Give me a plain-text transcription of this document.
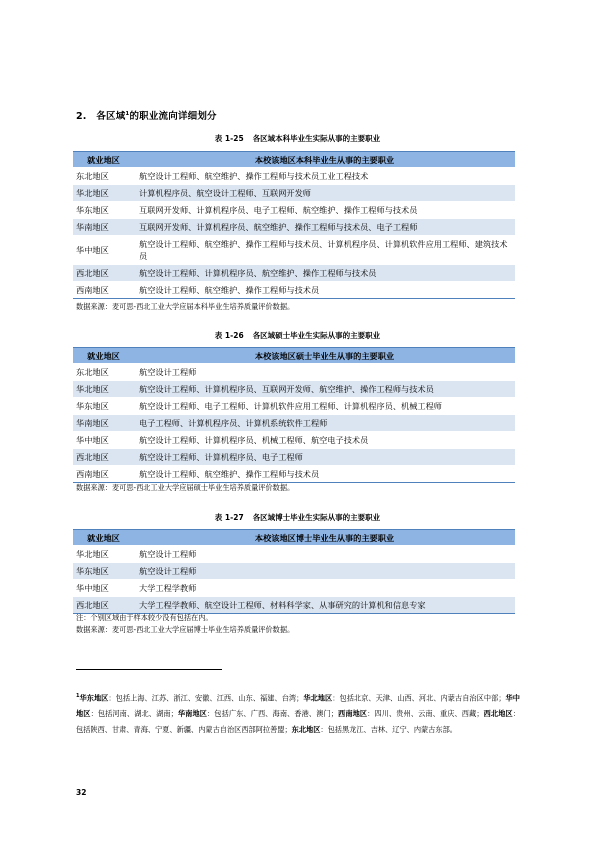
2.　各区域$^1$的职业流向详细划分
表 1-25 各区域本科毕业生实际从事的主要职业
就业地区	本校该地区本科毕业生从事的主要职业
东北地区	航空设计工程师、航空维护、操作工程师与技术员工业工程技术
华北地区	计算机程序员、航空设计工程师、互联网开发师
华东地区	互联网开发师、计算机程序员、电子工程师、航空维护、操作工程师与技术员
华南地区	互联网开发师、计算机程序员、航空维护、操作工程师与技术员、电子工程师
华中地区	航空设计工程师、航空维护、操作工程师与技术员、计算机程序员、计算机软件应用工程师、建筑技术员
西北地区	航空设计工程师、计算机程序员、航空维护、操作工程师与技术员
西南地区	航空设计工程师、航空维护、操作工程师与技术员
数据来源：麦可思-西北工业大学应届本科毕业生培养质量评价数据。
表 1-26 各区域硕士毕业生实际从事的主要职业
就业地区	本校该地区硕士毕业生从事的主要职业
东北地区	航空设计工程师
华北地区	航空设计工程师、计算机程序员、互联网开发师、航空维护、操作工程师与技术员
华东地区	航空设计工程师、电子工程师、计算机软件应用工程师、计算机程序员、机械工程师
华南地区	电子工程师、计算机程序员、计算机系统软件工程师
华中地区	航空设计工程师、计算机程序员、机械工程师、航空电子技术员
西北地区	航空设计工程师、计算机程序员、电子工程师
西南地区	航空设计工程师、航空维护、操作工程师与技术员
数据来源：麦可思-西北工业大学应届硕士毕业生培养质量评价数据。
表 1-27 各区域博士毕业生实际从事的主要职业
就业地区	本校该地区博士毕业生从事的主要职业
华北地区	航空设计工程师
华东地区	航空设计工程师
华中地区	大学工程学教师
西北地区	大学工程学教师、航空设计工程师、材料科学家、从事研究的计算机和信息专家
注：个别区域由于样本较少没有包括在内。
数据来源：麦可思-西北工业大学应届博士毕业生培养质量评价数据。
$^1$华东地区：包括上海、江苏、浙江、安徽、江西、山东、福建、台湾；华北地区：包括北京、天津、山西、河北、内蒙古自治区中部；华中地区：包括河南、湖北、湖南；华南地区：包括广东、广西、海南、香港、澳门；西南地区：四川、贵州、云南、重庆、西藏；西北地区：包括陕西、甘肃、青海、宁夏、新疆、内蒙古自治区西部阿拉善盟；东北地区：包括黑龙江、吉林、辽宁、内蒙古东部。
32
